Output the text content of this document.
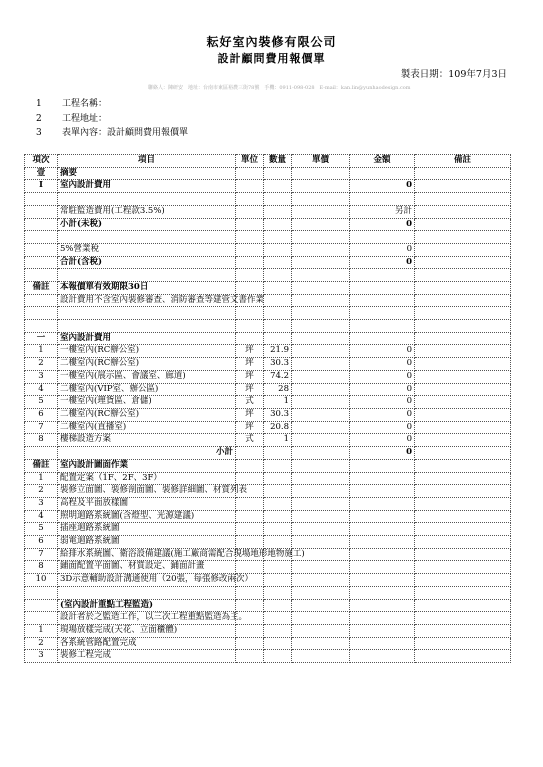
耘好室內裝修有限公司
設計顧問費用報價單
製表日期：109年7月3日
聯絡人：陳研安　地址：台南市東區裕農三街78號　手機：0911-098-028　E-mail：kan.lin@yunhaodesign.com
1	工程名稱：
2	工程地址：
3	表單內容：設計顧問費用報價單
項次	項目	單位	數量	單價	金額	備註
壹	摘要					
Ⅰ	室內設計費用				0	

	常駐監造費用(工程款3.5%)				另計	
	小計(未稅)				0	

	5%營業稅				0	
	合計(含稅)				0	

備註	本報價單有效期限30日					
	設計費用不含室內裝修審查、消防審查等建管文書作業					

一	室內設計費用					
1	一樓室內(RC辦公室)	坪	21.9		0	
2	二樓室內(RC辦公室)	坪	30.3		0	
3	一樓室內(展示區、會議室、廊道)	坪	74.2		0	
4	二樓室內(VIP室、辦公區)	坪	28		0	
5	一樓室內(理貨區、倉儲)	式	1		0	
6	二樓室內(RC辦公室)	坪	30.3		0	
7	二樓室內(直播室)	坪	20.8		0	
8	樓梯設造方案	式	1		0	
	小計				0	
備註	室內設計圖面作業					
1	配置定案（1F、2F、3F）					
2	裝修立面圖、裝修剖面圖、裝修詳細圖、材質列表					
3	高程及平面放樣圖					
4	照明迴路系統圖(含燈型、光源建議)					
5	插座迴路系統圖					
6	弱電迴路系統圖					
7	給排水系統圖、衛浴設備建議(施工廠商需配合現場地形地物施工)					
8	鋪面配置平面圖、材質設定、鋪面計畫					
10	3D示意輔助設計溝通使用（20張，每張修改兩次）					

	(室內設計重點工程監造)					
	設計者於之監造工作，以三次工程重點監造為主。					
1	現場放樣完成(天花、立面櫃體)					
2	各系統管路配置完成					
3	裝修工程完成					
